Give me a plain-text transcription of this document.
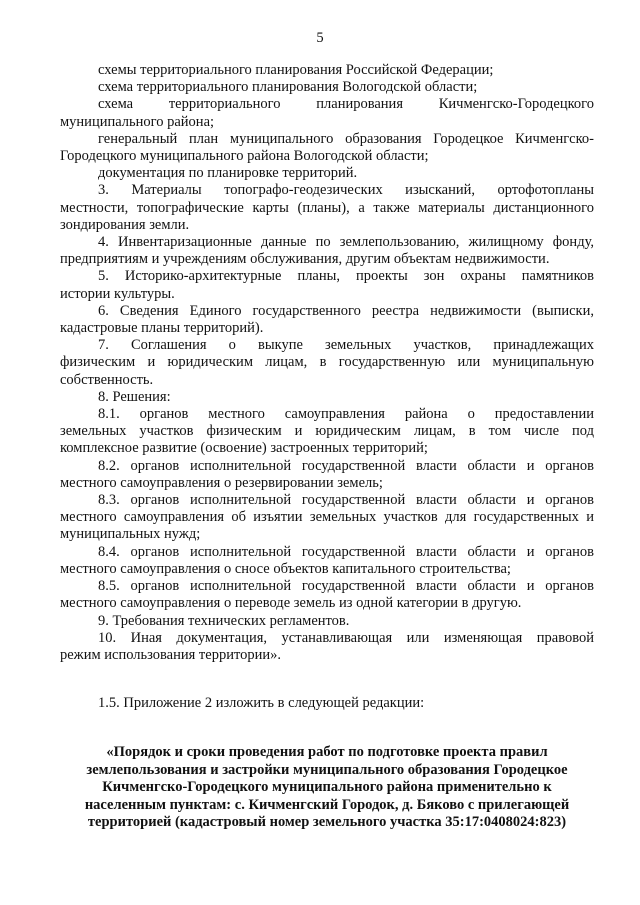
5
схемы территориального планирования Российской Федерации;
схема территориального планирования Вологодской области;
схема территориального планирования Кичменгско-Городецкого
муниципального района;
генеральный план муниципального образования Городецкое Кичменгско-
Городецкого муниципального района Вологодской области;
документация по планировке территорий.
3. Материалы топографо-геодезических изысканий, ортофотопланы
местности, топографические карты (планы), а также материалы дистанционного
зондирования земли.
4. Инвентаризационные данные по землепользованию, жилищному фонду,
предприятиям и учреждениям обслуживания, другим объектам недвижимости.
5. Историко-архитектурные планы, проекты зон охраны памятников
истории культуры.
6. Сведения Единого государственного реестра недвижимости (выписки,
кадастровые планы территорий).
7. Соглашения о выкупе земельных участков, принадлежащих
физическим и юридическим лицам, в государственную или муниципальную
собственность.
8. Решения:
8.1. органов местного самоуправления района о предоставлении
земельных участков физическим и юридическим лицам, в том числе под
комплексное развитие (освоение) застроенных территорий;
8.2. органов исполнительной государственной власти области и органов
местного самоуправления о резервировании земель;
8.3. органов исполнительной государственной власти области и органов
местного самоуправления об изъятии земельных участков для государственных и
муниципальных нужд;
8.4. органов исполнительной государственной власти области и органов
местного самоуправления о сносе объектов капитального строительства;
8.5. органов исполнительной государственной власти области и органов
местного самоуправления о переводе земель из одной категории в другую.
9. Требования технических регламентов.
10. Иная документация, устанавливающая или изменяющая правовой
режим использования территории».
1.5. Приложение 2 изложить в следующей редакции:
«Порядок и сроки проведения работ по подготовке проекта правил
землепользования и застройки муниципального образования Городецкое
Кичменгско-Городецкого муниципального района применительно к
населенным пунктам: с. Кичменгский Городок, д. Бяково с прилегающей
территорией (кадастровый номер земельного участка 35:17:0408024:823)
